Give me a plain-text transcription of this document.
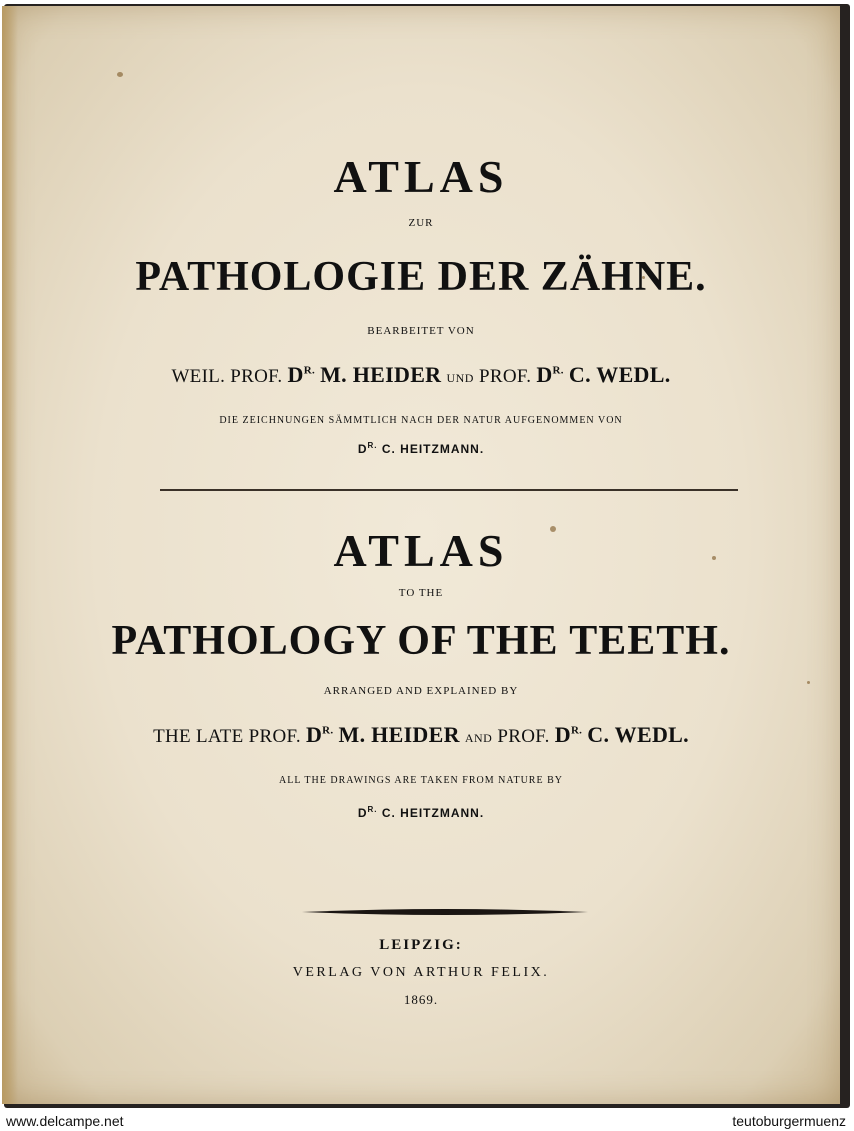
ATLAS
ZUR
PATHOLOGIE DER ZÄHNE.
BEARBEITET VON
WEIL. PROF. $D^{R.}$ M. HEIDER UND PROF. $D^{R.}$ C. WEDL.
DIE ZEICHNUNGEN SÄMMTLICH NACH DER NATUR AUFGENOMMEN VON
$D^{R.}$ C. HEITZMANN.
ATLAS
TO THE
PATHOLOGY OF THE TEETH.
ARRANGED AND EXPLAINED BY
THE LATE PROF. $D^{R.}$ M. HEIDER AND PROF. $D^{R.}$ C. WEDL.
ALL THE DRAWINGS ARE TAKEN FROM NATURE BY
$D^{R.}$ C. HEITZMANN.
LEIPZIG:
VERLAG VON ARTHUR FELIX.
1869.
www.delcampe.net	teutoburgermuenz
